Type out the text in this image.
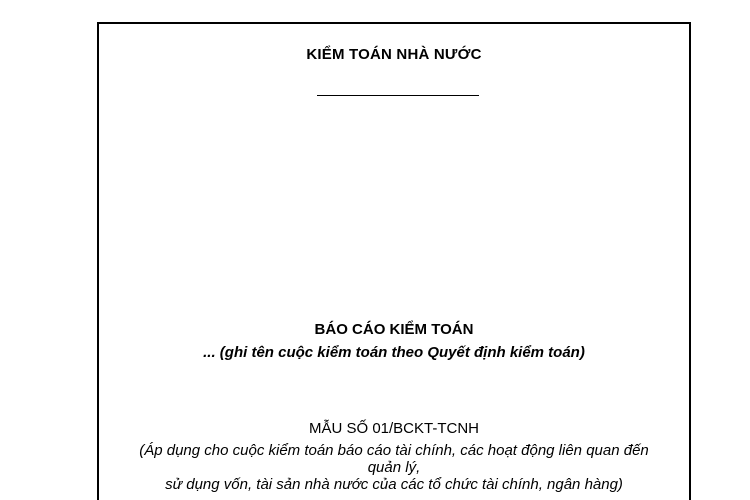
KIỂM TOÁN NHÀ NƯỚC
BÁO CÁO KIỂM TOÁN
... (ghi tên cuộc kiểm toán theo Quyết định kiểm toán)
MẪU SỐ 01/BCKT-TCNH
(Áp dụng cho cuộc kiểm toán báo cáo tài chính, các hoạt động liên quan đến
quản lý,
sử dụng vốn, tài sản nhà nước của các tổ chức tài chính, ngân hàng)
